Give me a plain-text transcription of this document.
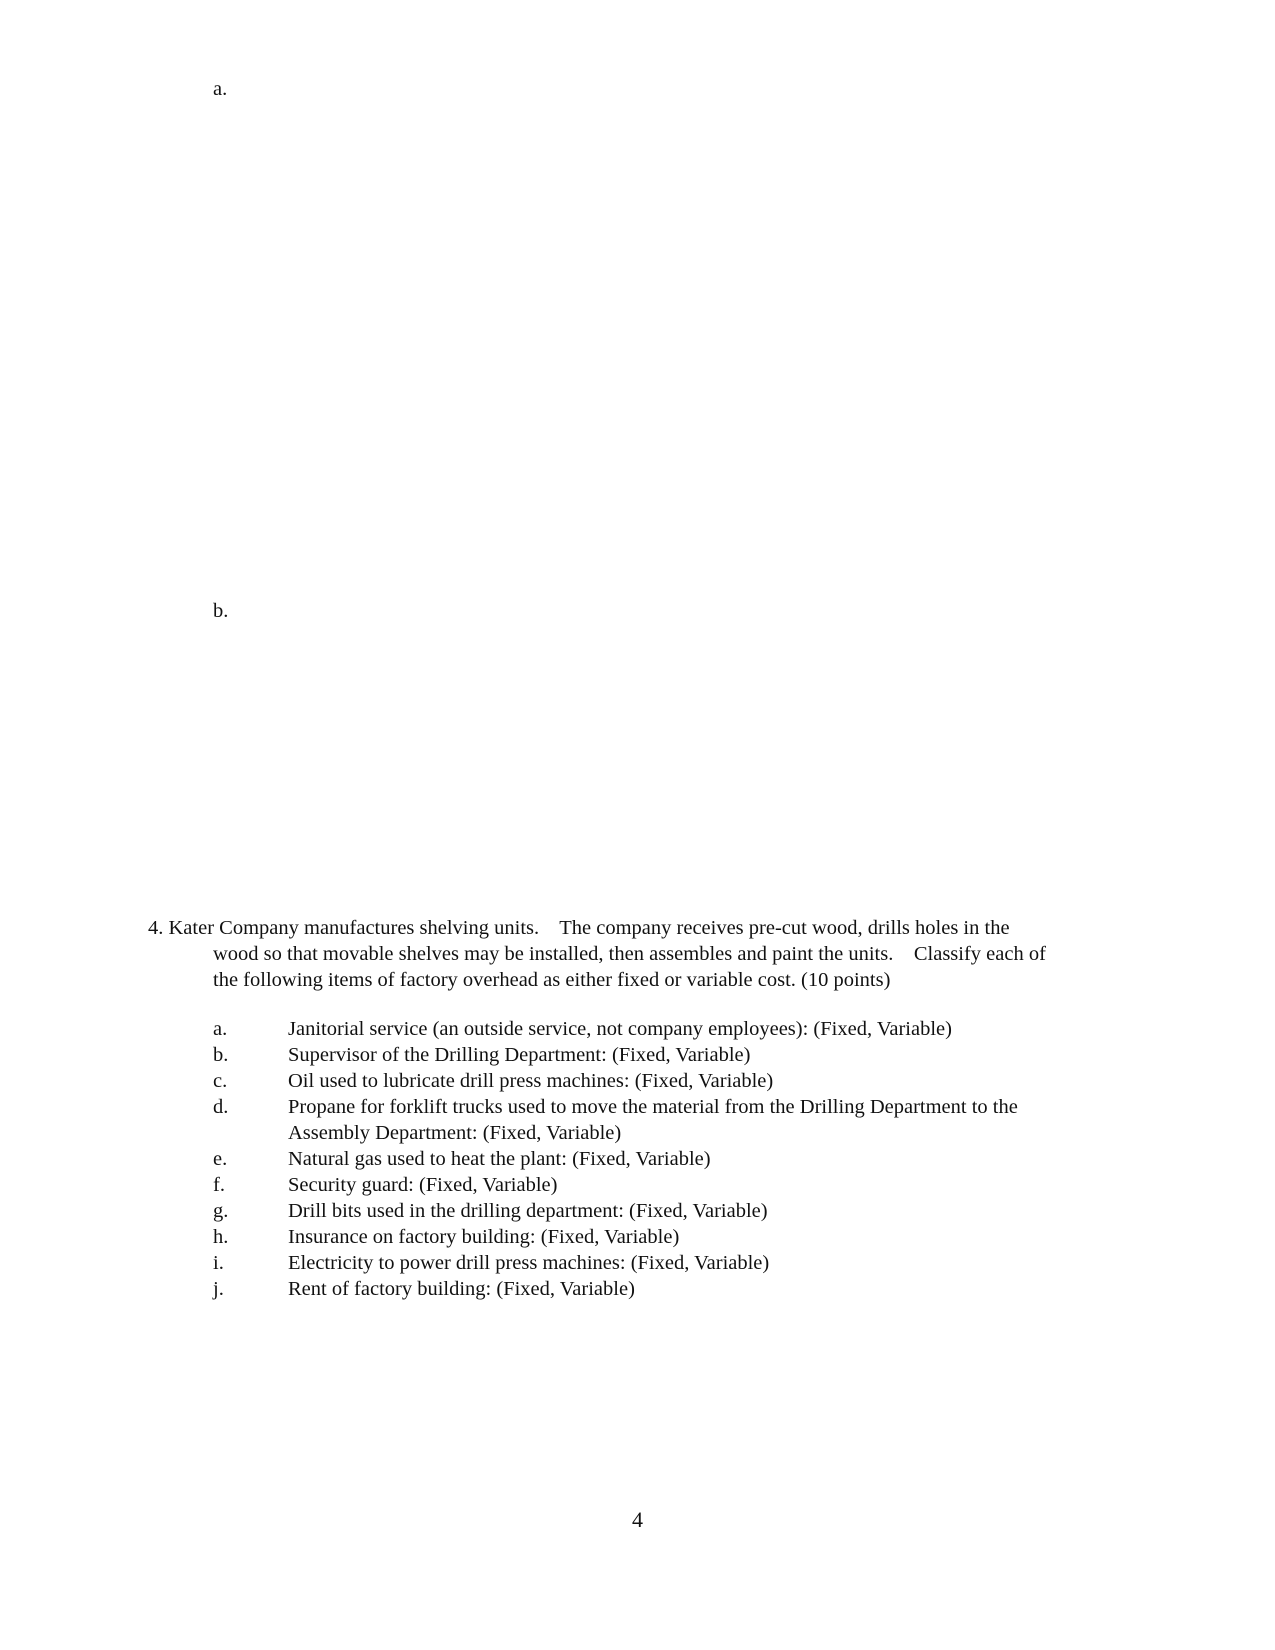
a.
b.
4. Kater Company manufactures shelving units.    The company receives pre-cut wood, drills holes in the
wood so that movable shelves may be installed, then assembles and paint the units.    Classify each of
the following items of factory overhead as either fixed or variable cost. (10 points)
a.	Janitorial service (an outside service, not company employees): (Fixed, Variable)
b.	Supervisor of the Drilling Department: (Fixed, Variable)
c.	Oil used to lubricate drill press machines: (Fixed, Variable)
d.	Propane for forklift trucks used to move the material from the Drilling Department to the
Assembly Department: (Fixed, Variable)
e.	Natural gas used to heat the plant: (Fixed, Variable)
f.	Security guard: (Fixed, Variable)
g.	Drill bits used in the drilling department: (Fixed, Variable)
h.	Insurance on factory building: (Fixed, Variable)
i.	Electricity to power drill press machines: (Fixed, Variable)
j.	Rent of factory building: (Fixed, Variable)
4
